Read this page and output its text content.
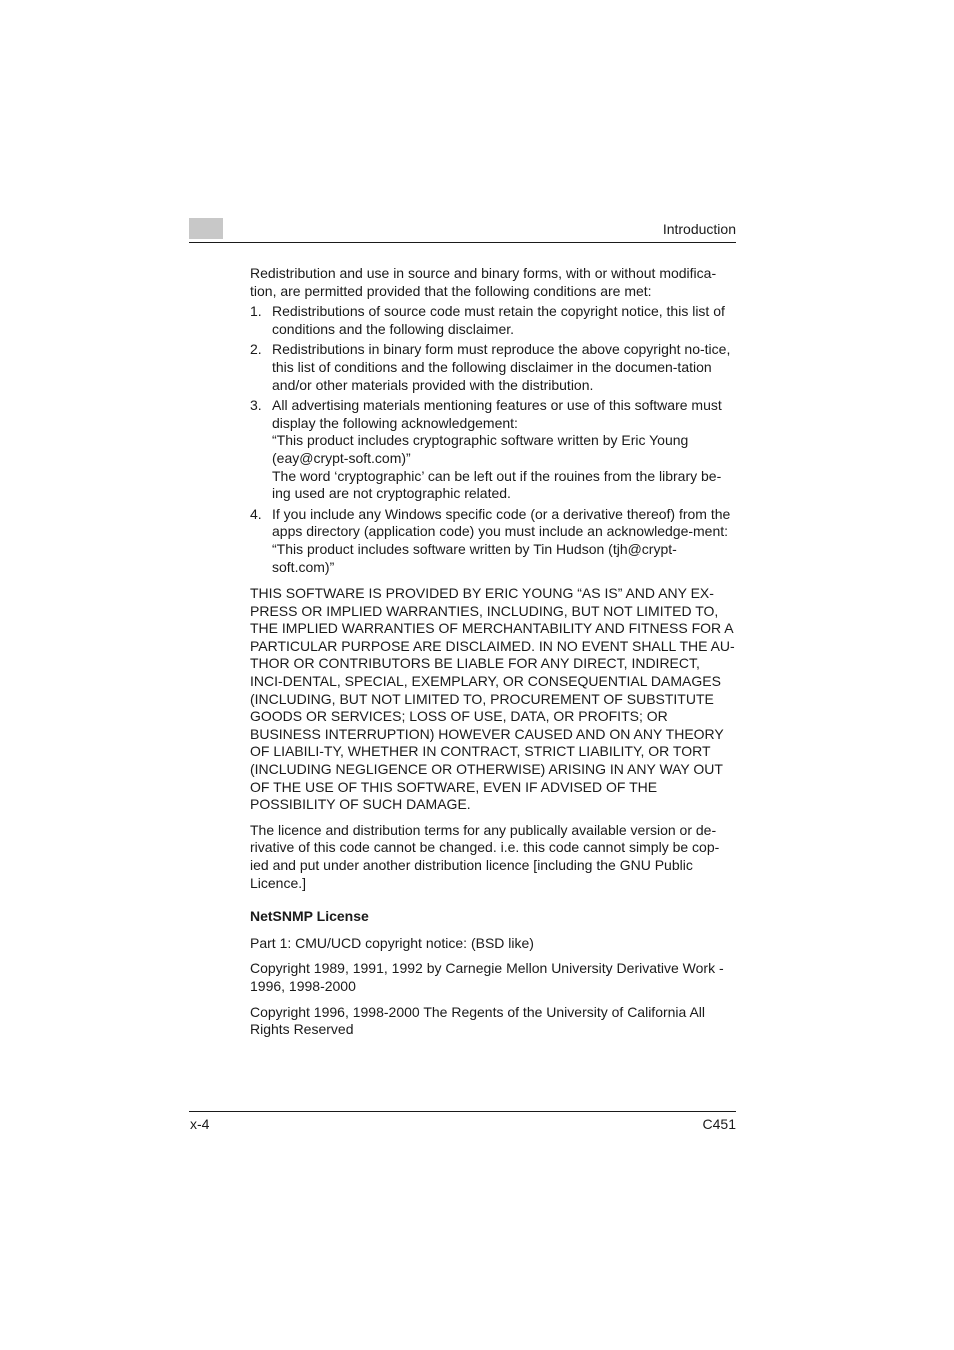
Introduction

Redistribution and use in source and binary forms, with or without modifica-tion, are permitted provided that the following conditions are met:

1. Redistributions of source code must retain the copyright notice, this list of conditions and the following disclaimer.

2. Redistributions in binary form must reproduce the above copyright no-tice, this list of conditions and the following disclaimer in the documen-tation and/or other materials provided with the distribution.

3. All advertising materials mentioning features or use of this software must display the following acknowledgement:

“This product includes cryptographic software written by Eric Young (eay@crypt-soft.com)”

The word ‘cryptographic’ can be left out if the rouines from the library be-ing used are not cryptographic related.

4. If you include any Windows specific code (or a derivative thereof) from the apps directory (application code) you must include an acknowledge-ment:

“This product includes software written by Tin Hudson (tjh@crypt-soft.com)”

THIS SOFTWARE IS PROVIDED BY ERIC YOUNG “AS IS” AND ANY EX-PRESS OR IMPLIED WARRANTIES, INCLUDING, BUT NOT LIMITED TO, THE IMPLIED WARRANTIES OF MERCHANTABILITY AND FITNESS FOR A PARTICULAR PURPOSE ARE DISCLAIMED. IN NO EVENT SHALL THE AU-THOR OR CONTRIBUTORS BE LIABLE FOR ANY DIRECT, INDIRECT, INCI-DENTAL, SPECIAL, EXEMPLARY, OR CONSEQUENTIAL DAMAGES (INCLUDING, BUT NOT LIMITED TO, PROCUREMENT OF SUBSTITUTE GOODS OR SERVICES; LOSS OF USE, DATA, OR PROFITS; OR BUSINESS INTERRUPTION) HOWEVER CAUSED AND ON ANY THEORY OF LIABILI-TY, WHETHER IN CONTRACT, STRICT LIABILITY, OR TORT (INCLUDING NEGLIGENCE OR OTHERWISE) ARISING IN ANY WAY OUT OF THE USE OF THIS SOFTWARE, EVEN IF ADVISED OF THE POSSIBILITY OF SUCH DAMAGE.

The licence and distribution terms for any publically available version or de-rivative of this code cannot be changed. i.e. this code cannot simply be cop-ied and put under another distribution licence [including the GNU Public Licence.]

NetSNMP License

Part 1: CMU/UCD copyright notice: (BSD like)

Copyright 1989, 1991, 1992 by Carnegie Mellon University Derivative Work - 1996, 1998-2000

Copyright 1996, 1998-2000 The Regents of the University of California All Rights Reserved

x-4	C451
